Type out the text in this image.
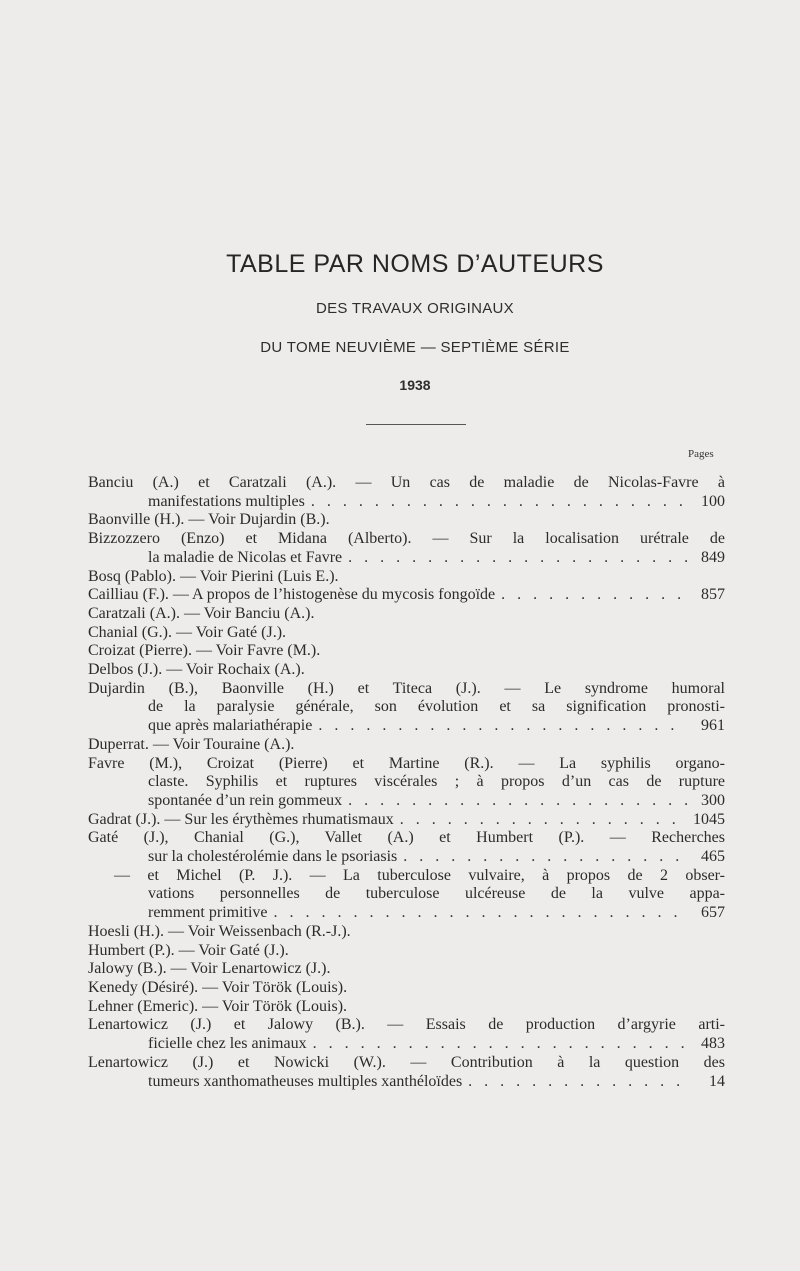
TABLE PAR NOMS D’AUTEURS
DES TRAVAUX ORIGINAUX
DU TOME NEUVIÈME — SEPTIÈME SÉRIE
1938
Pages
Banciu (A.) et Caratzali (A.). — Un cas de maladie de Nicolas-Favre à
manifestations multiples . . .	100
Baonville (H.). — Voir Dujardin (B.).
Bizzozzero (Enzo) et Midana (Alberto). — Sur la localisation urétrale de
la maladie de Nicolas et Favre . . .	849
Bosq (Pablo). — Voir Pierini (Luis E.).
Cailliau (F.). — A propos de l’histogenèse du mycosis fongoïde . . .	857
Caratzali (A.). — Voir Banciu (A.).
Chanial (G.). — Voir Gaté (J.).
Croizat (Pierre). — Voir Favre (M.).
Delbos (J.). — Voir Rochaix (A.).
Dujardin (B.), Baonville (H.) et Titeca (J.). — Le syndrome humoral
de la paralysie générale, son évolution et sa signification pronosti-
que après malariathérapie . . .	961
Duperrat. — Voir Touraine (A.).
Favre (M.), Croizat (Pierre) et Martine (R.). — La syphilis organo-
claste. Syphilis et ruptures viscérales ; à propos d’un cas de rupture
spontanée d’un rein gommeux . . .	300
Gadrat (J.). — Sur les érythèmes rhumatismaux . . .	1045
Gaté (J.), Chanial (G.), Vallet (A.) et Humbert (P.). — Recherches
sur la cholestérolémie dans le psoriasis . . .	465
— et Michel (P. J.). — La tuberculose vulvaire, à propos de 2 obser-
vations personnelles de tuberculose ulcéreuse de la vulve appa-
remment primitive . . .	657
Hoesli (H.). — Voir Weissenbach (R.-J.).
Humbert (P.). — Voir Gaté (J.).
Jalowy (B.). — Voir Lenartowicz (J.).
Kenedy (Désiré). — Voir Török (Louis).
Lehner (Emeric). — Voir Török (Louis).
Lenartowicz (J.) et Jalowy (B.). — Essais de production d’argyrie arti-
ficielle chez les animaux . . .	483
Lenartowicz (J.) et Nowicki (W.). — Contribution à la question des
tumeurs xanthomatheuses multiples xanthéloïdes . . .	14
